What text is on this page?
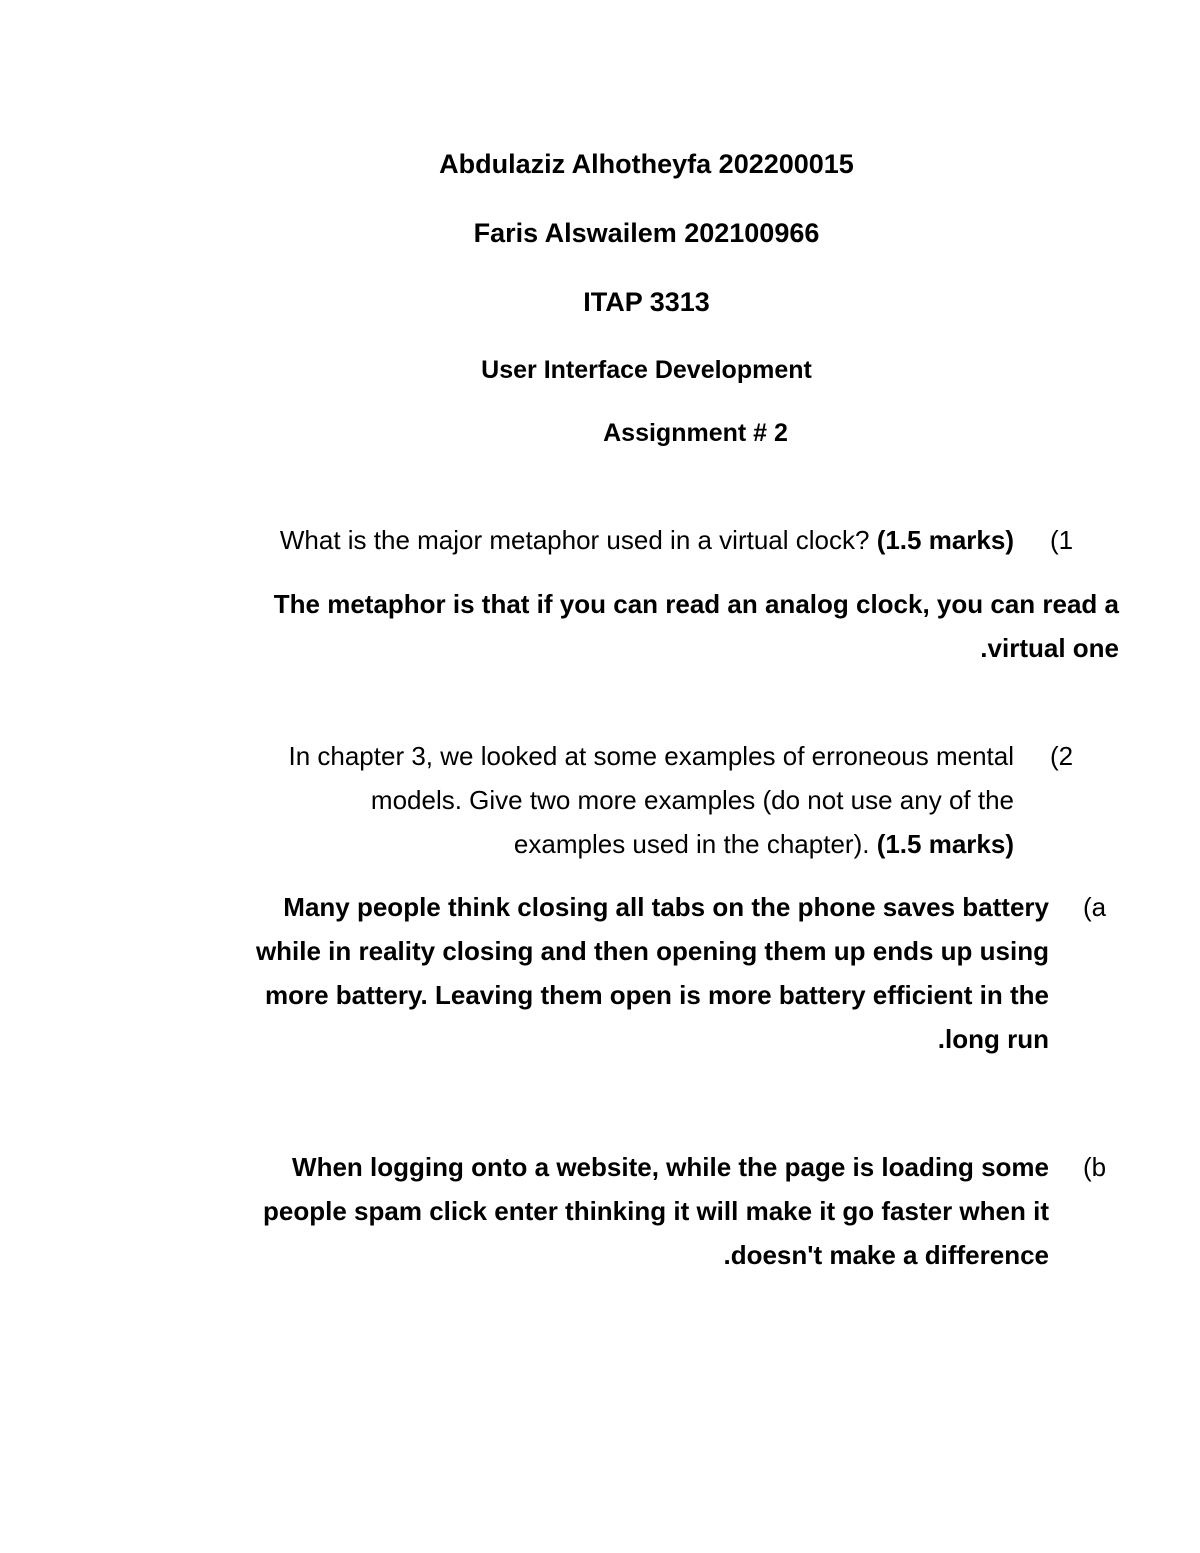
Abdulaziz Alhotheyfa 202200015
Faris Alswailem 202100966
ITAP 3313
User Interface Development
Assignment # 2
What is the major metaphor used in a virtual clock? (1.5 marks) (1
The metaphor is that if you can read an analog clock, you can read a
.virtual one
In chapter 3, we looked at some examples of erroneous mental
models. Give two more examples (do not use any of the
examples used in the chapter). (1.5 marks)
(2
Many people think closing all tabs on the phone saves battery
while in reality closing and then opening them up ends up using
more battery. Leaving them open is more battery efficient in the
.long run
(a
When logging onto a website, while the page is loading some
people spam click enter thinking it will make it go faster when it
.doesn't make a difference
(b
